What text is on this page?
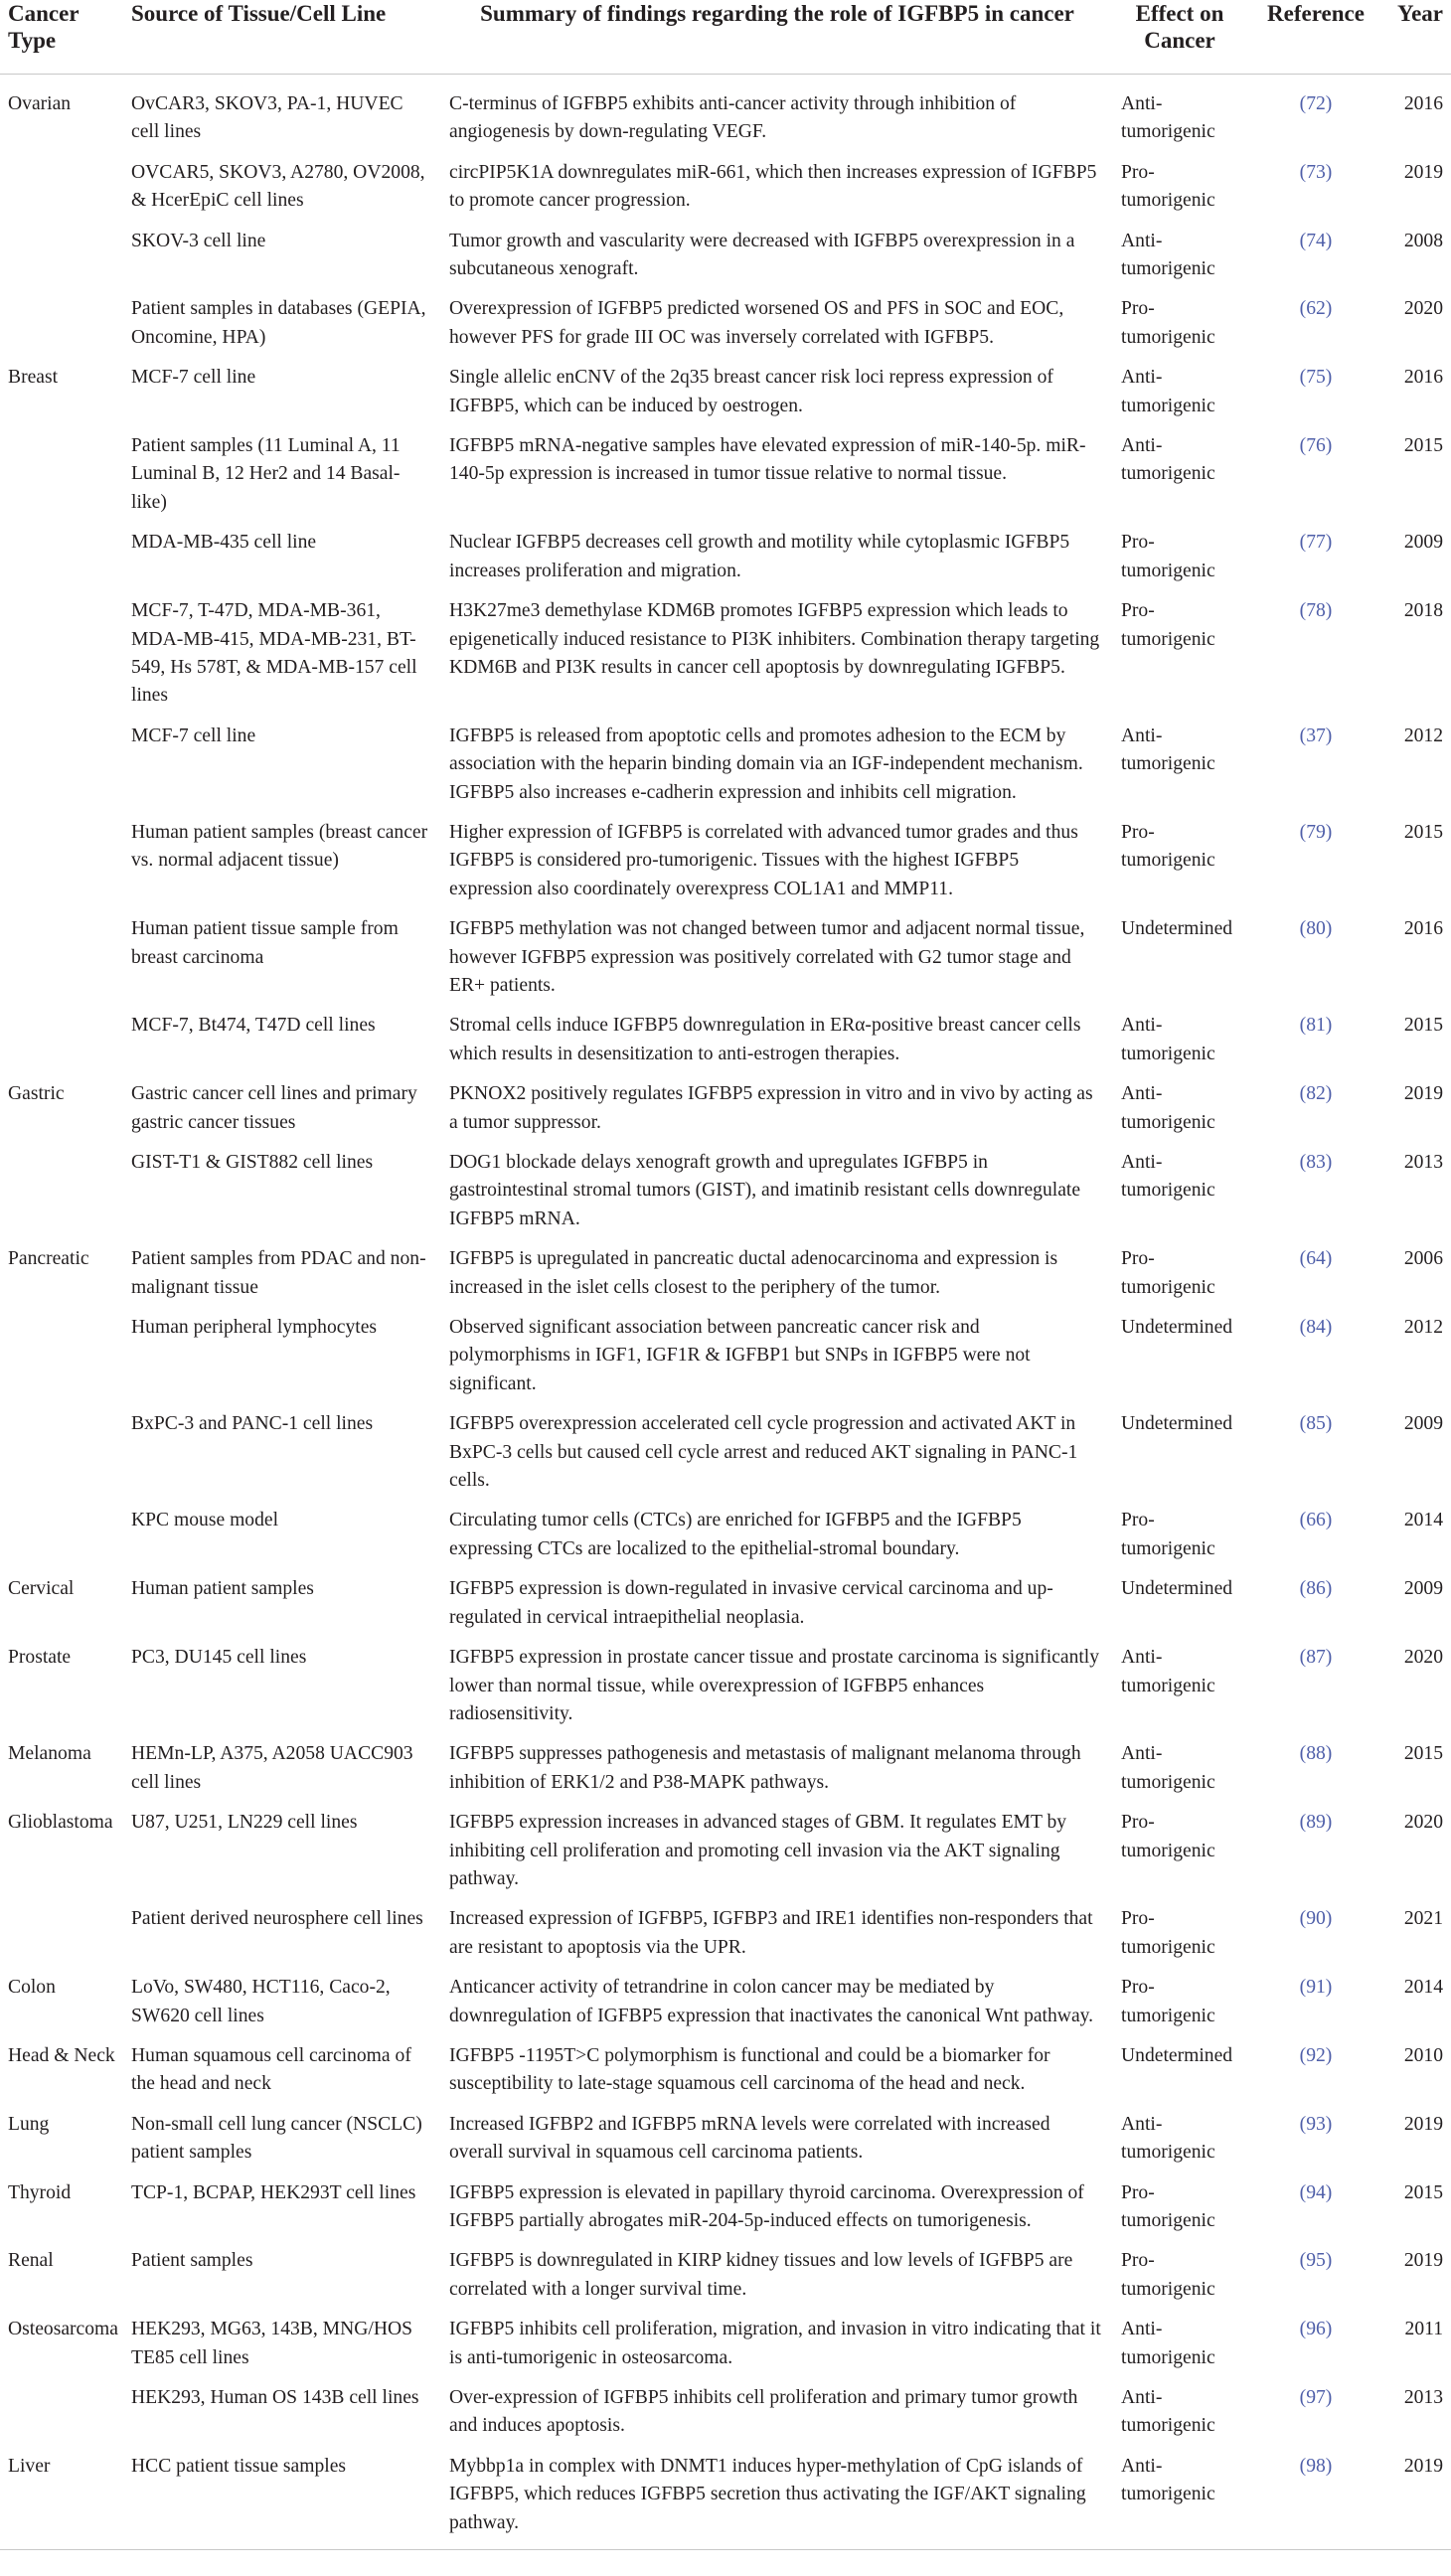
Cancer Type	Source of Tissue/Cell Line	Summary of findings regarding the role of IGFBP5 in cancer	Effect on Cancer	Reference	Year
Ovarian	OvCAR3, SKOV3, PA-1, HUVEC cell lines	C-terminus of IGFBP5 exhibits anti-cancer activity through inhibition of angiogenesis by down-regulating VEGF.	Anti-tumorigenic	(72)	2016
	OVCAR5, SKOV3, A2780, OV2008, & HcerEpiC cell lines	circPIP5K1A downregulates miR-661, which then increases expression of IGFBP5 to promote cancer progression.	Pro-tumorigenic	(73)	2019
	SKOV-3 cell line	Tumor growth and vascularity were decreased with IGFBP5 overexpression in a subcutaneous xenograft.	Anti-tumorigenic	(74)	2008
	Patient samples in databases (GEPIA, Oncomine, HPA)	Overexpression of IGFBP5 predicted worsened OS and PFS in SOC and EOC, however PFS for grade III OC was inversely correlated with IGFBP5.	Pro-tumorigenic	(62)	2020
Breast	MCF-7 cell line	Single allelic enCNV of the 2q35 breast cancer risk loci repress expression of IGFBP5, which can be induced by oestrogen.	Anti-tumorigenic	(75)	2016
	Patient samples (11 Luminal A, 11 Luminal B, 12 Her2 and 14 Basal-like)	IGFBP5 mRNA-negative samples have elevated expression of miR-140-5p. miR-140-5p expression is increased in tumor tissue relative to normal tissue.	Anti-tumorigenic	(76)	2015
	MDA-MB-435 cell line	Nuclear IGFBP5 decreases cell growth and motility while cytoplasmic IGFBP5 increases proliferation and migration.	Pro-tumorigenic	(77)	2009
	MCF-7, T-47D, MDA-MB-361, MDA-MB-415, MDA-MB-231, BT-549, Hs 578T, & MDA-MB-157 cell lines	H3K27me3 demethylase KDM6B promotes IGFBP5 expression which leads to epigenetically induced resistance to PI3K inhibiters. Combination therapy targeting KDM6B and PI3K results in cancer cell apoptosis by downregulating IGFBP5.	Pro-tumorigenic	(78)	2018
	MCF-7 cell line	IGFBP5 is released from apoptotic cells and promotes adhesion to the ECM by association with the heparin binding domain via an IGF-independent mechanism. IGFBP5 also increases e-cadherin expression and inhibits cell migration.	Anti-tumorigenic	(37)	2012
	Human patient samples (breast cancer vs. normal adjacent tissue)	Higher expression of IGFBP5 is correlated with advanced tumor grades and thus IGFBP5 is considered pro-tumorigenic. Tissues with the highest IGFBP5 expression also coordinately overexpress COL1A1 and MMP11.	Pro-tumorigenic	(79)	2015
	Human patient tissue sample from breast carcinoma	IGFBP5 methylation was not changed between tumor and adjacent normal tissue, however IGFBP5 expression was positively correlated with G2 tumor stage and ER+ patients.	Undetermined	(80)	2016
	MCF-7, Bt474, T47D cell lines	Stromal cells induce IGFBP5 downregulation in ERα-positive breast cancer cells which results in desensitization to anti-estrogen therapies.	Anti-tumorigenic	(81)	2015
Gastric	Gastric cancer cell lines and primary gastric cancer tissues	PKNOX2 positively regulates IGFBP5 expression in vitro and in vivo by acting as a tumor suppressor.	Anti-tumorigenic	(82)	2019
	GIST-T1 & GIST882 cell lines	DOG1 blockade delays xenograft growth and upregulates IGFBP5 in gastrointestinal stromal tumors (GIST), and imatinib resistant cells downregulate IGFBP5 mRNA.	Anti-tumorigenic	(83)	2013
Pancreatic	Patient samples from PDAC and non-malignant tissue	IGFBP5 is upregulated in pancreatic ductal adenocarcinoma and expression is increased in the islet cells closest to the periphery of the tumor.	Pro-tumorigenic	(64)	2006
	Human peripheral lymphocytes	Observed significant association between pancreatic cancer risk and polymorphisms in IGF1, IGF1R & IGFBP1 but SNPs in IGFBP5 were not significant.	Undetermined	(84)	2012
	BxPC-3 and PANC-1 cell lines	IGFBP5 overexpression accelerated cell cycle progression and activated AKT in BxPC-3 cells but caused cell cycle arrest and reduced AKT signaling in PANC-1 cells.	Undetermined	(85)	2009
	KPC mouse model	Circulating tumor cells (CTCs) are enriched for IGFBP5 and the IGFBP5 expressing CTCs are localized to the epithelial-stromal boundary.	Pro-tumorigenic	(66)	2014
Cervical	Human patient samples	IGFBP5 expression is down-regulated in invasive cervical carcinoma and up-regulated in cervical intraepithelial neoplasia.	Undetermined	(86)	2009
Prostate	PC3, DU145 cell lines	IGFBP5 expression in prostate cancer tissue and prostate carcinoma is significantly lower than normal tissue, while overexpression of IGFBP5 enhances radiosensitivity.	Anti-tumorigenic	(87)	2020
Melanoma	HEMn-LP, A375, A2058 UACC903 cell lines	IGFBP5 suppresses pathogenesis and metastasis of malignant melanoma through inhibition of ERK1/2 and P38-MAPK pathways.	Anti-tumorigenic	(88)	2015
Glioblastoma	U87, U251, LN229 cell lines	IGFBP5 expression increases in advanced stages of GBM. It regulates EMT by inhibiting cell proliferation and promoting cell invasion via the AKT signaling pathway.	Pro-tumorigenic	(89)	2020
	Patient derived neurosphere cell lines	Increased expression of IGFBP5, IGFBP3 and IRE1 identifies non-responders that are resistant to apoptosis via the UPR.	Pro-tumorigenic	(90)	2021
Colon	LoVo, SW480, HCT116, Caco-2, SW620 cell lines	Anticancer activity of tetrandrine in colon cancer may be mediated by downregulation of IGFBP5 expression that inactivates the canonical Wnt pathway.	Pro-tumorigenic	(91)	2014
Head & Neck	Human squamous cell carcinoma of the head and neck	IGFBP5 -1195T>C polymorphism is functional and could be a biomarker for susceptibility to late-stage squamous cell carcinoma of the head and neck.	Undetermined	(92)	2010
Lung	Non-small cell lung cancer (NSCLC) patient samples	Increased IGFBP2 and IGFBP5 mRNA levels were correlated with increased overall survival in squamous cell carcinoma patients.	Anti-tumorigenic	(93)	2019
Thyroid	TCP-1, BCPAP, HEK293T cell lines	IGFBP5 expression is elevated in papillary thyroid carcinoma. Overexpression of IGFBP5 partially abrogates miR-204-5p-induced effects on tumorigenesis.	Pro-tumorigenic	(94)	2015
Renal	Patient samples	IGFBP5 is downregulated in KIRP kidney tissues and low levels of IGFBP5 are correlated with a longer survival time.	Pro-tumorigenic	(95)	2019
Osteosarcoma	HEK293, MG63, 143B, MNG/HOS TE85 cell lines	IGFBP5 inhibits cell proliferation, migration, and invasion in vitro indicating that it is anti-tumorigenic in osteosarcoma.	Anti-tumorigenic	(96)	2011
	HEK293, Human OS 143B cell lines	Over-expression of IGFBP5 inhibits cell proliferation and primary tumor growth and induces apoptosis.	Anti-tumorigenic	(97)	2013
Liver	HCC patient tissue samples	Mybbp1a in complex with DNMT1 induces hyper-methylation of CpG islands of IGFBP5, which reduces IGFBP5 secretion thus activating the IGF/AKT signaling pathway.	Anti-tumorigenic	(98)	2019
